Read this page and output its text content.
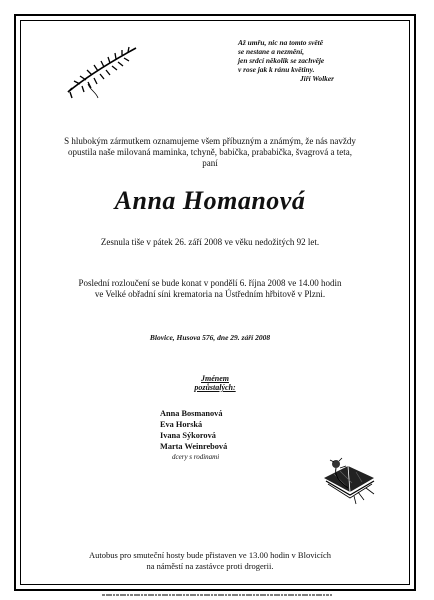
Až umřu, nic na tomto světě
se nestane a nezmění,
jen srdcí několik se zachvěje
v rose jak k ránu květiny.
Jiří Wolker
S hlubokým zármutkem oznamujeme všem příbuzným a známým, že nás navždy
opustila naše milovaná maminka, tchyně, babička, prababička, švagrová a teta,
paní
Anna Homanová
Zesnula tiše v pátek 26. září 2008 ve věku nedožitých 92 let.
Poslední rozloučení se bude konat v pondělí 6. října 2008 ve 14.00 hodin
ve Velké obřadní síni krematoria na Ústředním hřbitově v Plzni.
Blovice, Husova 576, dne 29. září 2008
Jménem pozůstalých:
Anna Bosmanová
Eva Horská
Ivana Sýkorová
Marta Weinrebová
dcery s rodinami
Autobus pro smuteční hosty bude přistaven ve 13.00 hodin v Blovicích
na náměstí na zastávce proti drogerii.
